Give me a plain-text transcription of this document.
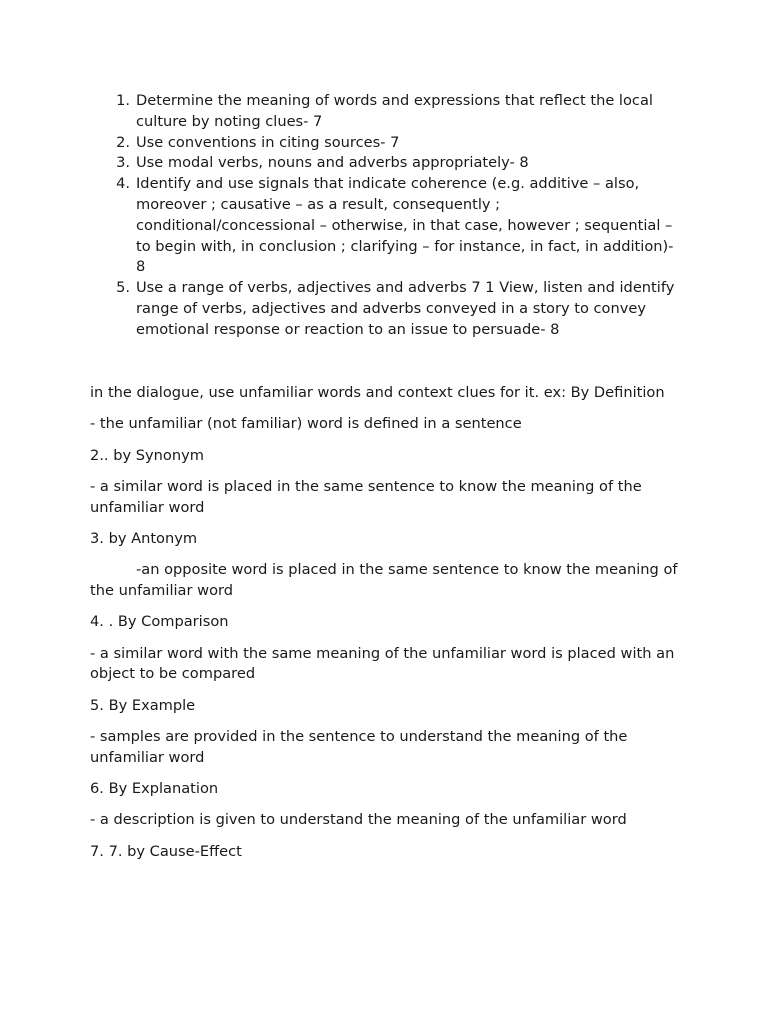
1. Determine the meaning of words and expressions that reflect the local culture by noting clues- 7
2. Use conventions in citing sources- 7
3. Use modal verbs, nouns and adverbs appropriately- 8
4. Identify and use signals that indicate coherence (e.g. additive – also, moreover ; causative – as a result, consequently ; conditional/concessional – otherwise, in that case, however ; sequential – to begin with, in conclusion ; clarifying – for instance, in fact, in addition)- 8
5. Use a range of verbs, adjectives and adverbs 7 1 View, listen and identify range of verbs, adjectives and adverbs conveyed in a story to convey emotional response or reaction to an issue to persuade- 8

in the dialogue, use unfamiliar words and context clues for it. ex: By Definition

- the unfamiliar (not familiar) word is defined in a sentence

2.. by Synonym

- a similar word is placed in the same sentence to know the meaning of the unfamiliar word

3. by Antonym

-an opposite word is placed in the same sentence to know the meaning of the unfamiliar word

4. . By Comparison

- a similar word with the same meaning of the unfamiliar word is placed with an object to be compared

5. By Example

- samples are provided in the sentence to understand the meaning of the unfamiliar word

6. By Explanation

- a description is given to understand the meaning of the unfamiliar word

7. 7. by Cause-Effect
